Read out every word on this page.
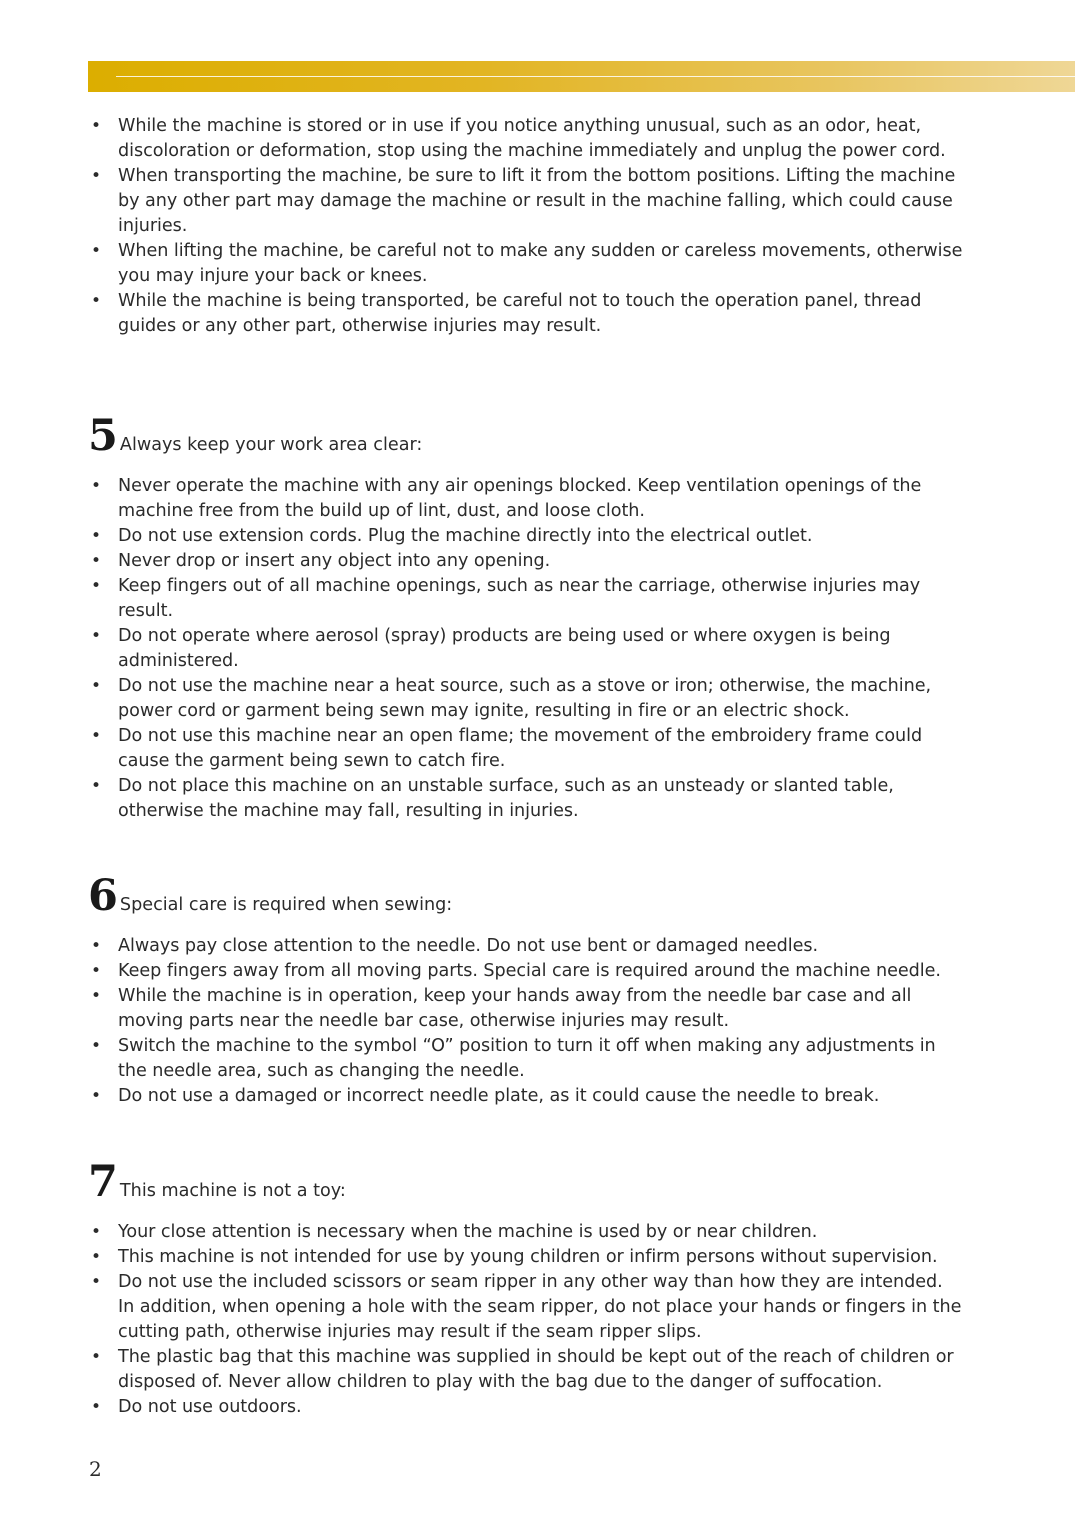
• While the machine is stored or in use if you notice anything unusual, such as an odor, heat, discoloration or deformation, stop using the machine immediately and unplug the power cord.
• When transporting the machine, be sure to lift it from the bottom positions. Lifting the machine by any other part may damage the machine or result in the machine falling, which could cause injuries.
• When lifting the machine, be careful not to make any sudden or careless movements, otherwise you may injure your back or knees.
• While the machine is being transported, be careful not to touch the operation panel, thread guides or any other part, otherwise injuries may result.
5 Always keep your work area clear:
• Never operate the machine with any air openings blocked. Keep ventilation openings of the machine free from the build up of lint, dust, and loose cloth.
• Do not use extension cords. Plug the machine directly into the electrical outlet.
• Never drop or insert any object into any opening.
• Keep fingers out of all machine openings, such as near the carriage, otherwise injuries may result.
• Do not operate where aerosol (spray) products are being used or where oxygen is being administered.
• Do not use the machine near a heat source, such as a stove or iron; otherwise, the machine, power cord or garment being sewn may ignite, resulting in fire or an electric shock.
• Do not use this machine near an open flame; the movement of the embroidery frame could cause the garment being sewn to catch fire.
• Do not place this machine on an unstable surface, such as an unsteady or slanted table, otherwise the machine may fall, resulting in injuries.
6 Special care is required when sewing:
• Always pay close attention to the needle. Do not use bent or damaged needles.
• Keep fingers away from all moving parts. Special care is required around the machine needle.
• While the machine is in operation, keep your hands away from the needle bar case and all moving parts near the needle bar case, otherwise injuries may result.
• Switch the machine to the symbol “O” position to turn it off when making any adjustments in the needle area, such as changing the needle.
• Do not use a damaged or incorrect needle plate, as it could cause the needle to break.
7 This machine is not a toy:
• Your close attention is necessary when the machine is used by or near children.
• This machine is not intended for use by young children or infirm persons without supervision.
• Do not use the included scissors or seam ripper in any other way than how they are intended. In addition, when opening a hole with the seam ripper, do not place your hands or fingers in the cutting path, otherwise injuries may result if the seam ripper slips.
• The plastic bag that this machine was supplied in should be kept out of the reach of children or disposed of. Never allow children to play with the bag due to the danger of suffocation.
• Do not use outdoors.
2
